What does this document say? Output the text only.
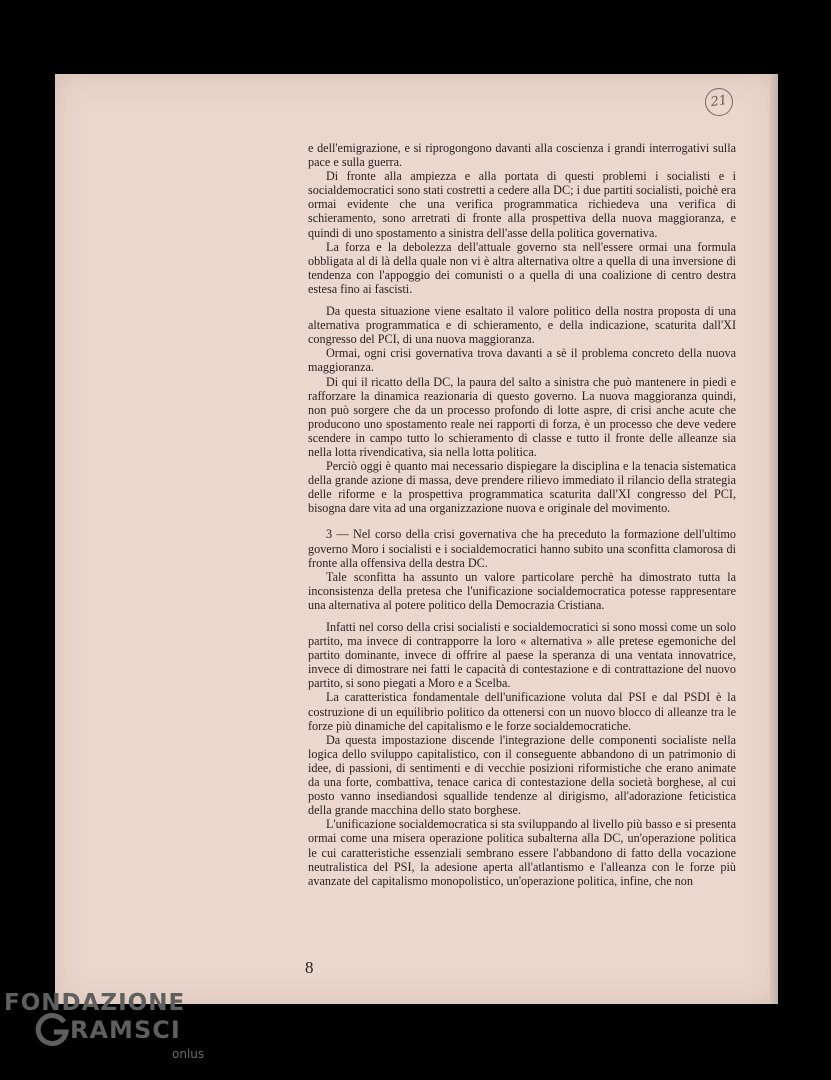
21

e dell'emigrazione, e si riprogongono davanti alla coscienza i grandi interrogativi sulla pace e sulla guerra.

Di fronte alla ampiezza e alla portata di questi problemi i socialisti e i socialdemocratici sono stati costretti a cedere alla DC; i due partiti socialisti, poichè era ormai evidente che una verifica programmatica richiedeva una verifica di schieramento, sono arretrati di fronte alla prospettiva della nuova maggioranza, e quindi di uno spostamento a sinistra dell'asse della politica governativa.

La forza e la debolezza dell'attuale governo sta nell'essere ormai una formula obbligata al di là della quale non vi è altra alternativa oltre a quella di una inversione di tendenza con l'appoggio dei comunisti o a quella di una coalizione di centro destra estesa fino ai fascisti.

Da questa situazione viene esaltato il valore politico della nostra proposta di una alternativa programmatica e di schieramento, e della indicazione, scaturita dall'XI congresso del PCI, di una nuova maggioranza.

Ormai, ogni crisi governativa trova davanti a sè il problema concreto della nuova maggioranza.

Di qui il ricatto della DC, la paura del salto a sinistra che può mantenere in piedi e rafforzare la dinamica reazionaria di questo governo. La nuova maggioranza quindi, non può sorgere che da un processo profondo di lotte aspre, di crisi anche acute che producono uno spostamento reale nei rapporti di forza, è un processo che deve vedere scendere in campo tutto lo schieramento di classe e tutto il fronte delle alleanze sia nella lotta rivendicativa, sia nella lotta politica.

Perciò oggi è quanto mai necessario dispiegare la disciplina e la tenacia sistematica della grande azione di massa, deve prendere rilievo immediato il rilancio della strategia delle riforme e la prospettiva programmatica scaturita dall'XI congresso del PCI, bisogna dare vita ad una organizzazione nuova e originale del movimento.

3 — Nel corso della crisi governativa che ha preceduto la formazione dell'ultimo governo Moro i socialisti e i socialdemocratici hanno subito una sconfitta clamorosa di fronte alla offensiva della destra DC.

Tale sconfitta ha assunto un valore particolare perchè ha dimostrato tutta la inconsistenza della pretesa che l'unificazione socialdemocratica potesse rappresentare una alternativa al potere politico della Democrazia Cristiana.

Infatti nel corso della crisi socialisti e socialdemocratici si sono mossi come un solo partito, ma invece di contrapporre la loro « alternativa » alle pretese egemoniche del partito dominante, invece di offrire al paese la speranza di una ventata innovatrice, invece di dimostrare nei fatti le capacità di contestazione e di contrattazione del nuovo partito, si sono piegati a Moro e a Scelba.

La caratteristica fondamentale dell'unificazione voluta dal PSI e dal PSDI è la costruzione di un equilibrio politico da ottenersi con un nuovo blocco di alleanze tra le forze più dinamiche del capitalismo e le forze socialdemocratiche.

Da questa impostazione discende l'integrazione delle componenti socialiste nella logica dello sviluppo capitalistico, con il conseguente abbandono di un patrimonio di idee, di passioni, di sentimenti e di vecchie posizioni riformistiche che erano animate da una forte, combattiva, tenace carica di contestazione della società borghese, al cui posto vanno insediandosi squallide tendenze al dirigismo, all'adorazione feticistica della grande macchina dello stato borghese.

L'unificazione socialdemocratica si sta sviluppando al livello più basso e si presenta ormai come una misera operazione politica subalterna alla DC, un'operazione politica le cui caratteristiche essenziali sembrano essere l'abbandono di fatto della vocazione neutralistica del PSI, la adesione aperta all'atlantismo e l'alleanza con le forze più avanzate del capitalismo monopolistico, un'operazione politica, infine, che non

8
FONDAZIONE
RAMSCI
onlus
